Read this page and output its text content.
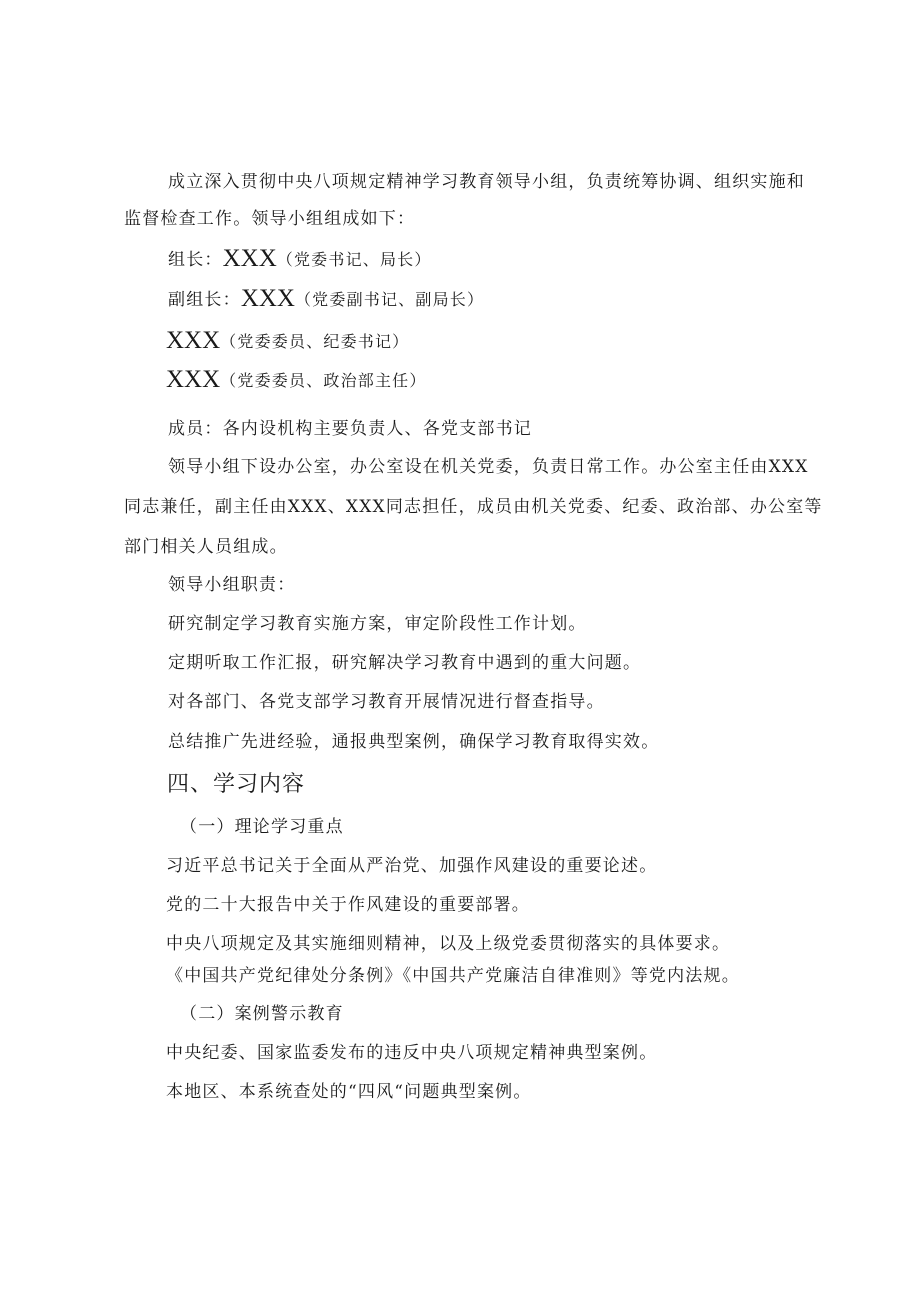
成立深入贯彻中央八项规定精神学习教育领导小组，负责统筹协调、组织实施和
监督检查工作。领导小组组成如下：
组长：XXX（党委书记、局长）
副组长：XXX（党委副书记、副局长）
XXX（党委委员、纪委书记）
XXX（党委委员、政治部主任）
成员：各内设机构主要负责人、各党支部书记
领导小组下设办公室，办公室设在机关党委，负责日常工作。办公室主任由XXX
同志兼任，副主任由XXX、XXX同志担任，成员由机关党委、纪委、政治部、办公室等
部门相关人员组成。
领导小组职责：
研究制定学习教育实施方案，审定阶段性工作计划。
定期听取工作汇报，研究解决学习教育中遇到的重大问题。
对各部门、各党支部学习教育开展情况进行督查指导。
总结推广先进经验，通报典型案例，确保学习教育取得实效。
四、学习内容
（一）理论学习重点
习近平总书记关于全面从严治党、加强作风建设的重要论述。
党的二十大报告中关于作风建设的重要部署。
中央八项规定及其实施细则精神，以及上级党委贯彻落实的具体要求。
《中国共产党纪律处分条例》《中国共产党廉洁自律准则》等党内法规。
（二）案例警示教育
中央纪委、国家监委发布的违反中央八项规定精神典型案例。
本地区、本系统查处的“四风“问题典型案例。
